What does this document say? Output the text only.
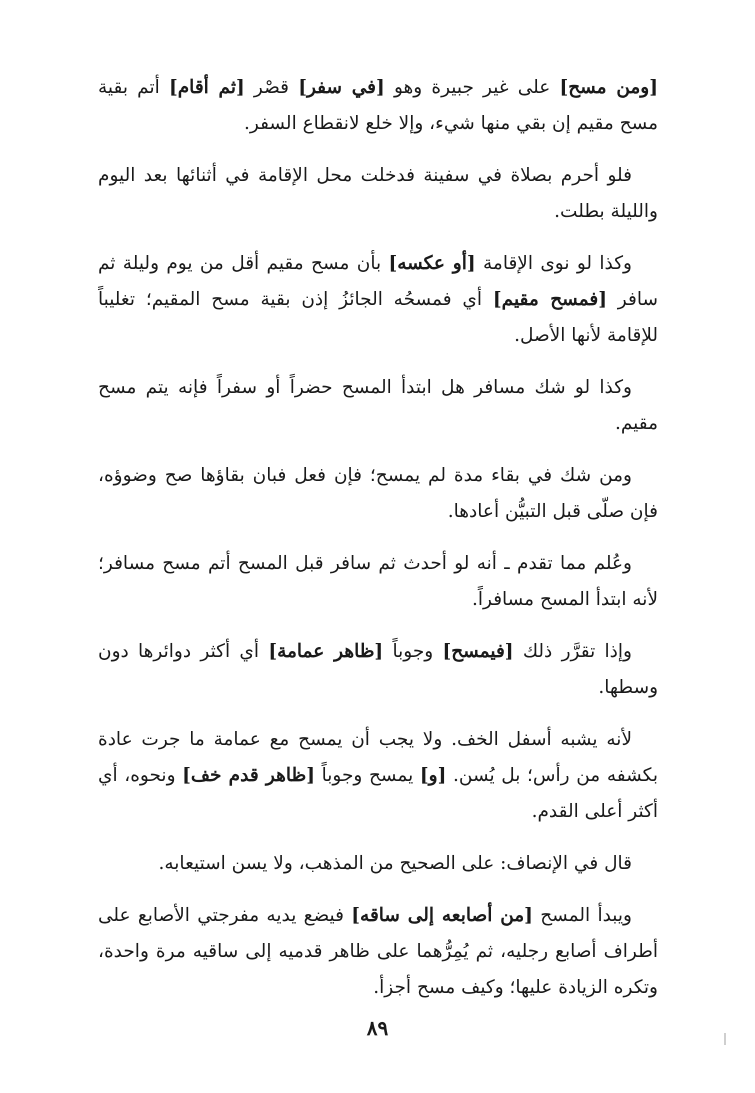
[ومن مسح] على غير جبيرة وهو [في سفر] قصْر [ثم أقام] أتم بقية مسح مقيم إن بقي منها شيء، وإلا خلع لانقطاع السفر.

فلو أحرم بصلاة في سفينة فدخلت محل الإقامة في أثنائها بعد اليوم والليلة بطلت.

وكذا لو نوى الإقامة [أو عكسه] بأن مسح مقيم أقل من يوم وليلة ثم سافر [فمسح مقيم] أي فمسحُه الجائزُ إذن بقية مسح المقيم؛ تغليباً للإقامة لأنها الأصل.

وكذا لو شك مسافر هل ابتدأ المسح حضراً أو سفراً فإنه يتم مسح مقيم.

ومن شك في بقاء مدة لم يمسح؛ فإن فعل فبان بقاؤها صح وضوؤه، فإن صلّى قبل التبيُّن أعادها.

وعُلم مما تقدم ـ أنه لو أحدث ثم سافر قبل المسح أتم مسح مسافر؛ لأنه ابتدأ المسح مسافراً.

وإذا تقرَّر ذلك [فيمسح] وجوباً [ظاهر عمامة] أي أكثر دوائرها دون وسطها.

لأنه يشبه أسفل الخف. ولا يجب أن يمسح مع عمامة ما جرت عادة بكشفه من رأس؛ بل يُسن. [و] يمسح وجوباً [ظاهر قدم خف] ونحوه، أي أكثر أعلى القدم.

قال في الإنصاف: على الصحيح من المذهب، ولا يسن استيعابه.

ويبدأ المسح [من أصابعه إلى ساقه] فيضع يديه مفرجتي الأصابع على أطراف أصابع رجليه، ثم يُمِرُّهما على ظاهر قدميه إلى ساقيه مرة واحدة، وتكره الزيادة عليها؛ وكيف مسح أجزأ.

٨٩
